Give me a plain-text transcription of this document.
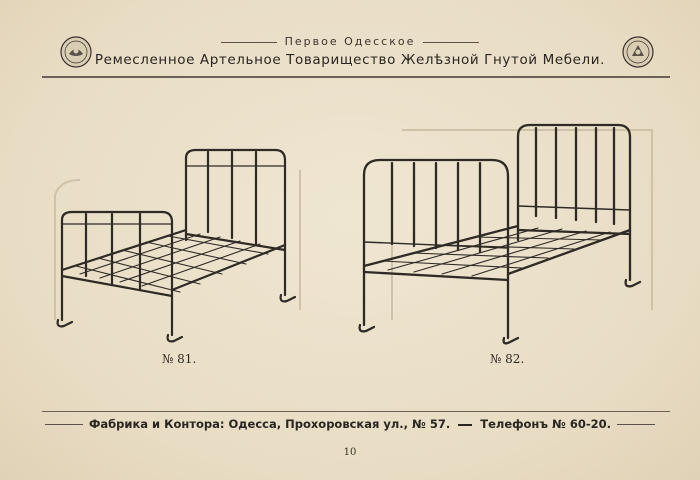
Первое Одесское
Ремесленное Артельное Товарищество Желѣзной Гнутой Мебели.
№ 81.	№ 82.
Фабрика и Контора: Одесса, Прохоровская ул., № 57.	Телефонъ № 60-20.
10
